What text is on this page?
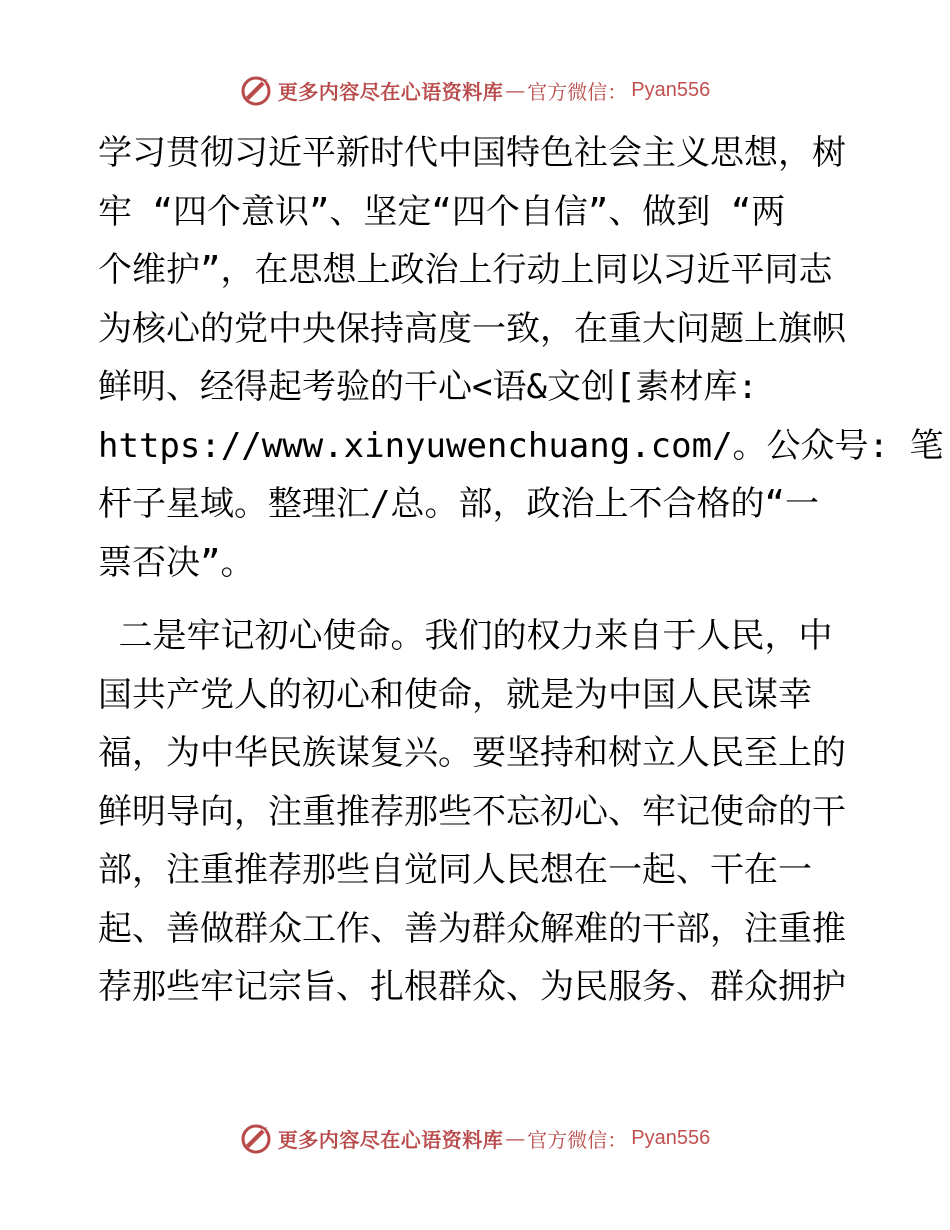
更多内容尽在心语资料库 — 官方微信： Pyan556
学习贯彻习近平新时代中国特色社会主义思想，树
牢 “四个意识”、坚定“四个自信”、做到 “两
个维护”，在思想上政治上行动上同以习近平同志
为核心的党中央保持高度一致，在重大问题上旗帜
鲜明、经得起考验的干心<语&文创[素材库:
https://www.xinyuwenchuang.com/。公众号: 笔
杆子星域。整理汇/总。部，政治上不合格的“一
票否决”。
二是牢记初心使命。我们的权力来自于人民，中
国共产党人的初心和使命，就是为中国人民谋幸
福，为中华民族谋复兴。要坚持和树立人民至上的
鲜明导向，注重推荐那些不忘初心、牢记使命的干
部，注重推荐那些自觉同人民想在一起、干在一
起、善做群众工作、善为群众解难的干部，注重推
荐那些牢记宗旨、扎根群众、为民服务、群众拥护
更多内容尽在心语资料库 — 官方微信： Pyan556
